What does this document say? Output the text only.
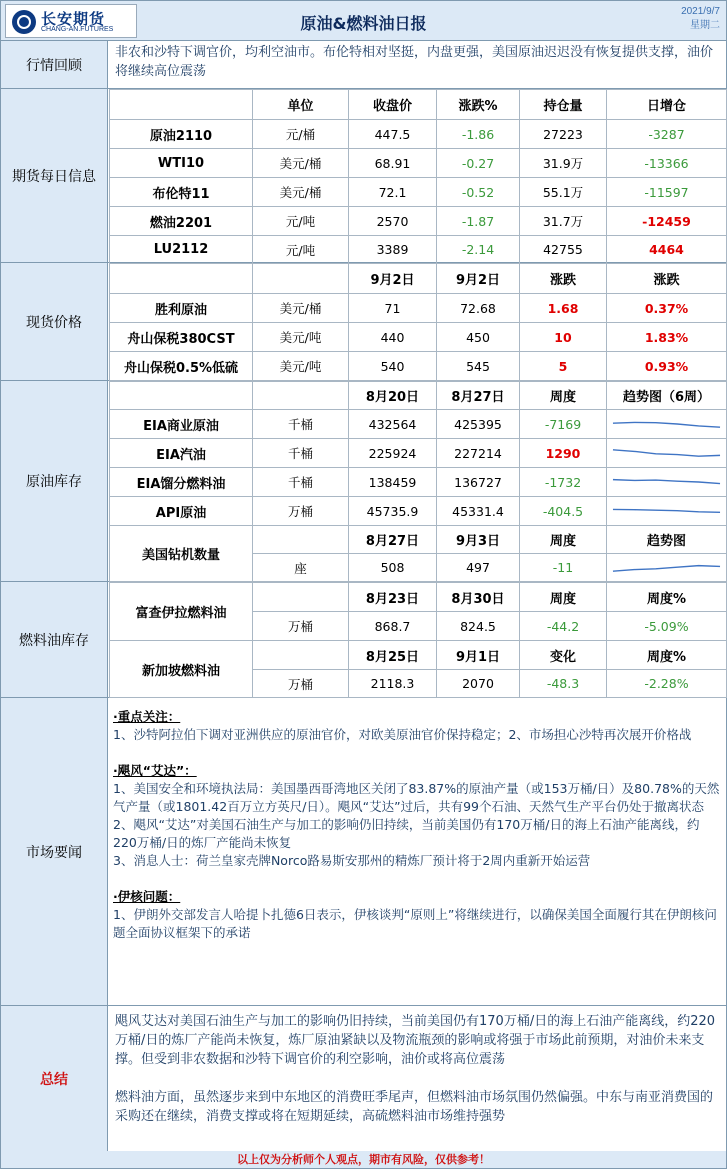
长安期货
CHANG-AN.FUTURES	原油&燃料油日报
2021/9/7
星期二
行情回顾
非农和沙特下调官价，均利空油市。布伦特相对坚挺，内盘更强，美国原油迟迟没有恢复提供支撑，油价将继续高位震荡
期货每日信息
	单位	收盘价	涨跌%	持仓量	日增仓
原油2110	元/桶	447.5	-1.86	27223	-3287
WTI10	美元/桶	68.91	-0.27	31.9万	-13366
布伦特11	美元/桶	72.1	-0.52	55.1万	-11597
燃油2201	元/吨	2570	-1.87	31.7万	-12459
LU2112	元/吨	3389	-2.14	42755	4464
现货价格
		9月2日	9月2日	涨跌	涨跌
胜利原油	美元/桶	71	72.68	1.68	0.37%
舟山保税380CST	美元/吨	440	450	10	1.83%
舟山保税0.5%低硫	美元/吨	540	545	5	0.93%
原油库存
		8月20日	8月27日	周度	趋势图（6周）
EIA商业原油	千桶	432564	425395	-7169	

EIA汽油	千桶	225924	227214	1290	

EIA馏分燃料油	千桶	138459	136727	-1732	

API原油	万桶	45735.9	45331.4	-404.5	

美国钻机数量		8月27日	9月3日	周度	趋势图
	座	508	497	-11	
燃料油库存
富查伊拉燃料油		8月23日	8月30日	周度	周度%
	万桶	868.7	824.5	-44.2	-5.09%
新加坡燃料油		8月25日	9月1日	变化	周度%
	万桶	2118.3	2070	-48.3	-2.28%
市场要闻
·重点关注：

1、沙特阿拉伯下调对亚洲供应的原油官价，对欧美原油官价保持稳定；2、市场担心沙特再次展开价格战

·飓风“艾达”：

1、美国安全和环境执法局：美国墨西哥湾地区关闭了83.87%的原油产量（或153万桶/日）及80.78%的天然气产量（或1801.42百万立方英尺/日）。飓风“艾达”过后，共有99个石油、天然气生产平台仍处于撤离状态

2、飓风“艾达”对美国石油生产与加工的影响仍旧持续，当前美国仍有170万桶/日的海上石油产能离线，约220万桶/日的炼厂产能尚未恢复

3、消息人士：荷兰皇家壳牌Norco路易斯安那州的精炼厂预计将于2周内重新开始运营

·伊核问题：

1、伊朗外交部发言人哈提卜扎德6日表示，伊核谈判“原则上”将继续进行，以确保美国全面履行其在伊朗核问题全面协议框架下的承诺

总结

飓风艾达对美国石油生产与加工的影响仍旧持续，当前美国仍有170万桶/日的海上石油产能离线，约220万桶/日的炼厂产能尚未恢复，炼厂原油紧缺以及物流瓶颈的影响或将强于市场此前预期，对油价未来支撑。但受到非农数据和沙特下调官价的利空影响，油价或将高位震荡

燃料油方面，虽然逐步来到中东地区的消费旺季尾声，但燃料油市场氛围仍然偏强。中东与南亚消费国的采购还在继续，消费支撑或将在短期延续，高硫燃料油市场维持强势

以上仅为分析师个人观点，期市有风险，仅供参考！
